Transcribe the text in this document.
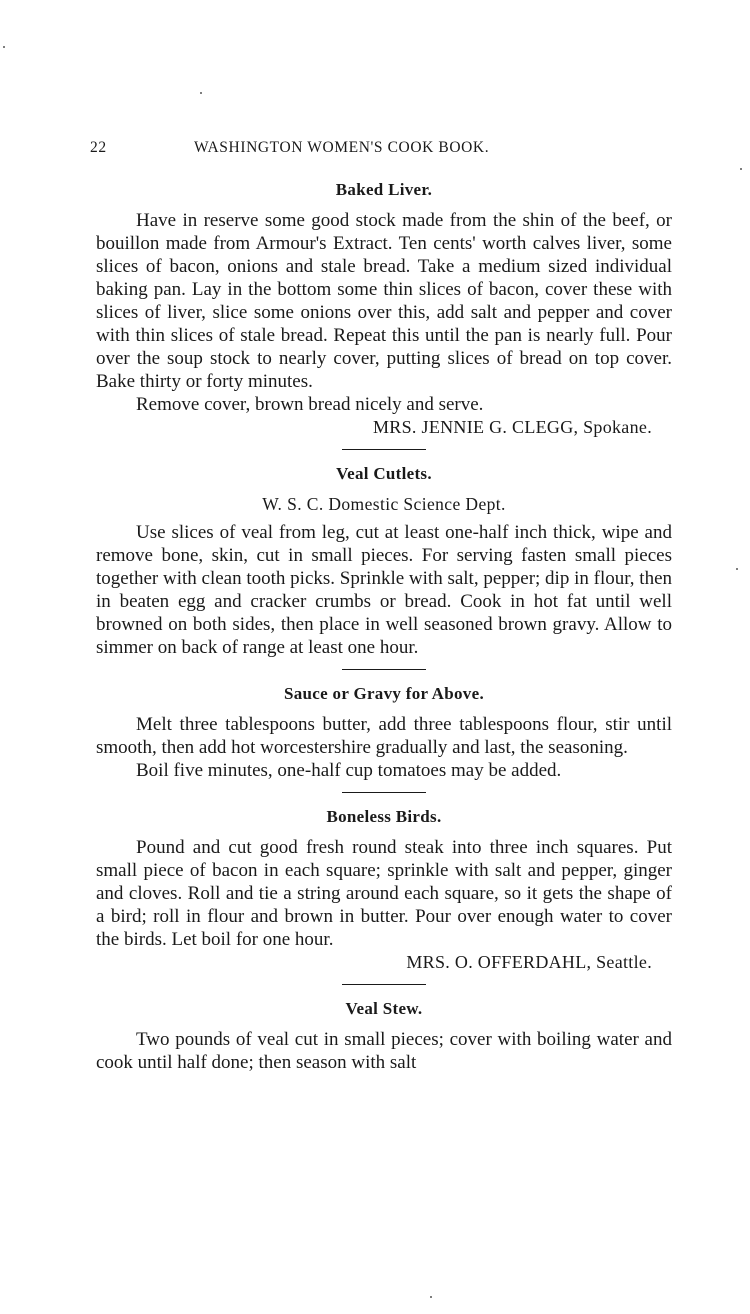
22	WASHINGTON WOMEN'S COOK BOOK.
Baked Liver.

Have in reserve some good stock made from the shin of the beef, or bouillon made from Armour's Extract. Ten cents' worth calves liver, some slices of bacon, onions and stale bread. Take a medium sized individual baking pan. Lay in the bottom some thin slices of bacon, cover these with slices of liver, slice some onions over this, add salt and pepper and cover with thin slices of stale bread. Repeat this until the pan is nearly full. Pour over the soup stock to nearly cover, putting slices of bread on top cover. Bake thirty or forty minutes.

Remove cover, brown bread nicely and serve.

MRS. JENNIE G. CLEGG, Spokane.

Veal Cutlets.

W. S. C. Domestic Science Dept.

Use slices of veal from leg, cut at least one-half inch thick, wipe and remove bone, skin, cut in small pieces. For serving fasten small pieces together with clean tooth picks. Sprinkle with salt, pepper; dip in flour, then in beaten egg and cracker crumbs or bread. Cook in hot fat until well browned on both sides, then place in well seasoned brown gravy. Allow to simmer on back of range at least one hour.

Sauce or Gravy for Above.

Melt three tablespoons butter, add three tablespoons flour, stir until smooth, then add hot worcestershire gradually and last, the seasoning.

Boil five minutes, one-half cup tomatoes may be added.

Boneless Birds.

Pound and cut good fresh round steak into three inch squares. Put small piece of bacon in each square; sprinkle with salt and pepper, ginger and cloves. Roll and tie a string around each square, so it gets the shape of a bird; roll in flour and brown in butter. Pour over enough water to cover the birds. Let boil for one hour.

MRS. O. OFFERDAHL, Seattle.

Veal Stew.

Two pounds of veal cut in small pieces; cover with boiling water and cook until half done; then season with salt
